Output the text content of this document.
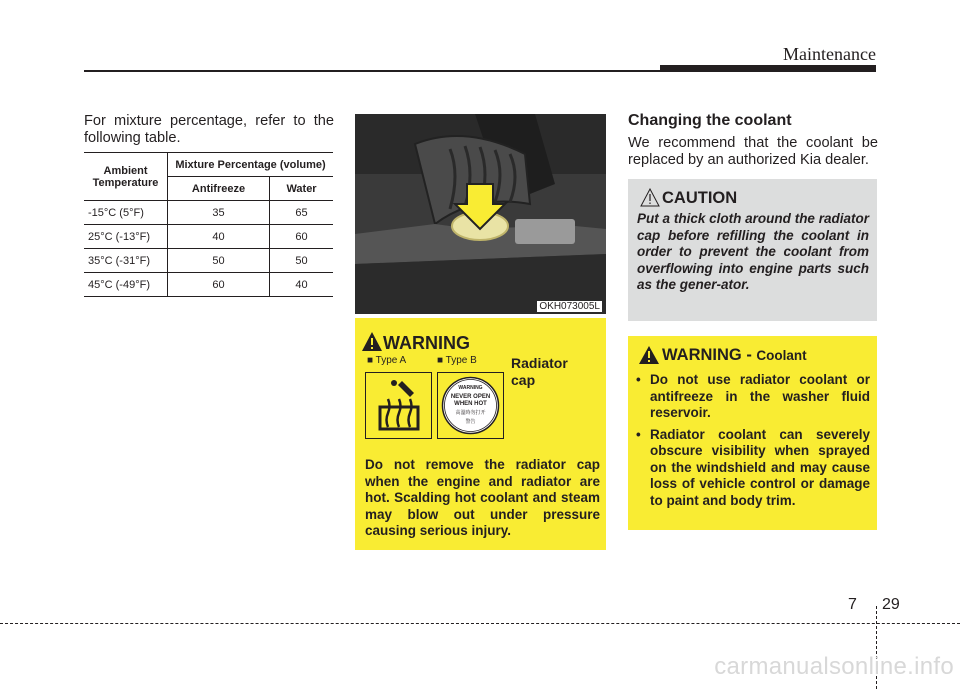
Maintenance
For mixture percentage, refer to the following table.
Ambient Temperature	Mixture Percentage (volume)	
	Antifreeze	Water
-15°C (5°F)	35	65
25°C (-13°F)	40	60
35°C (-31°F)	50	50
45°C (-49°F)	60	40
OKH073005L
WARNING
■ Type A	■ Type B Radiator
cap
WARNING
NEVER OPEN
WHEN HOT
高溫時勿打开
警告
Do not remove the radiator cap when the engine and radiator are hot. Scalding hot coolant and steam may blow out under pressure causing serious injury.
Changing the coolant
We recommend that the coolant be replaced by an authorized Kia dealer.
CAUTION
Put a thick cloth around the radiator cap before refilling the coolant in order to prevent the coolant from overflowing into engine parts such as the gener-ator.
WARNING - Coolant
• Do not use radiator coolant or antifreeze in the washer fluid reservoir.
• Radiator coolant can severely obscure visibility when sprayed on the windshield and may cause loss of vehicle control or damage to paint and body trim.
7 29
carmanualsonline.info
